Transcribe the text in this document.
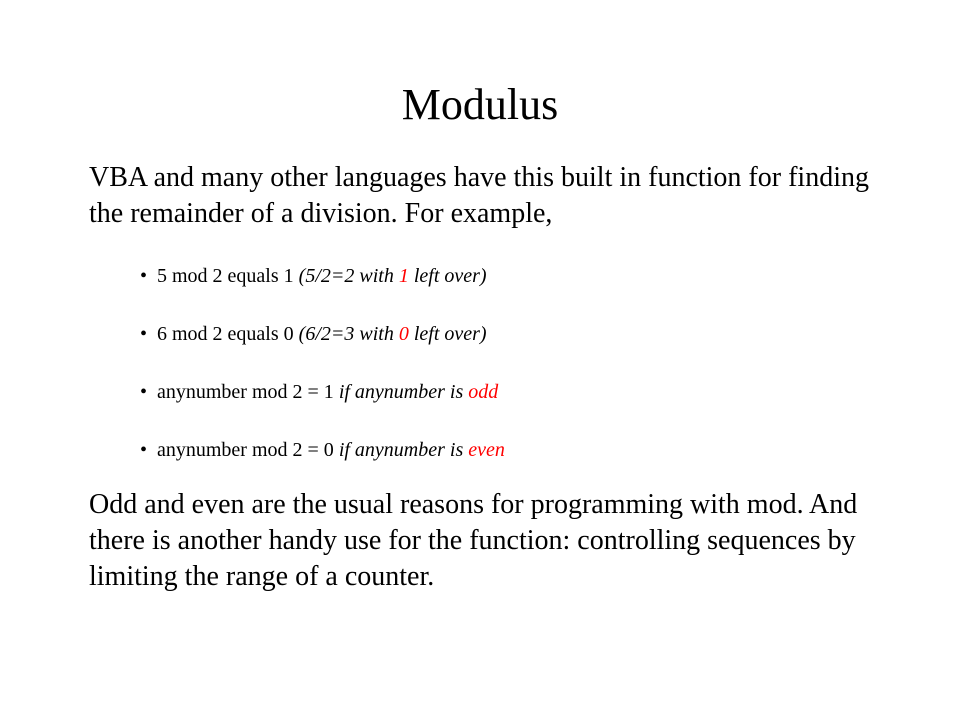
Modulus

VBA and many other languages have this built in function for finding the remainder of a division. For example,

• 5 mod 2 equals 1 (5/2=2 with 1 left over)
• 6 mod 2 equals 0 (6/2=3 with 0 left over)
• anynumber mod 2 = 1 if anynumber is odd
• anynumber mod 2 = 0 if anynumber is even

Odd and even are the usual reasons for programming with mod. And there is another handy use for the function: controlling sequences by limiting the range of a counter.
